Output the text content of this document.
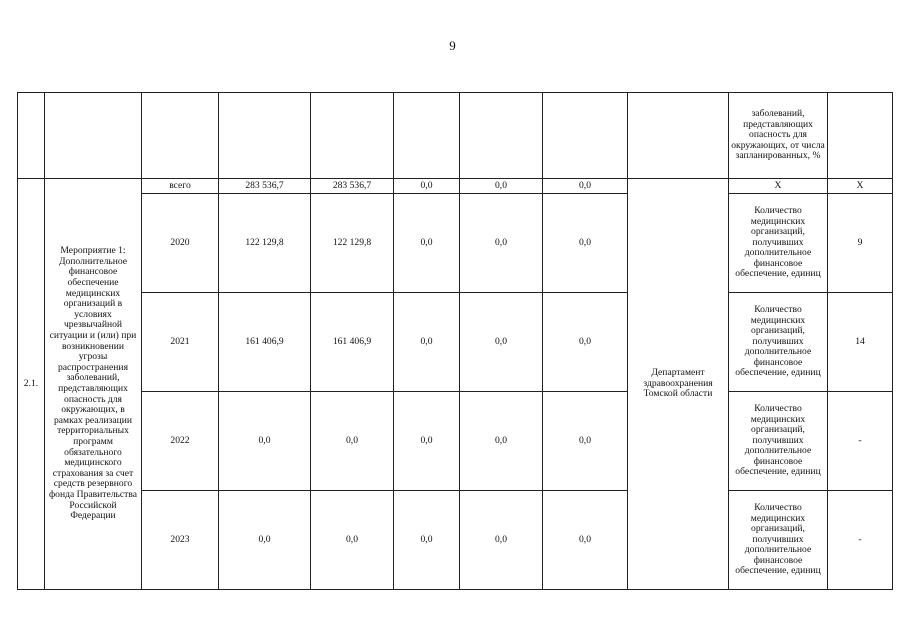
9
									заболеваний, представляющих опасность для окружающих, от числа запланированных, %	
2.1.	Мероприятие 1: Дополнительное финансовое обеспечение медицинских организаций в условиях чрезвычайной ситуации и (или) при возникновении угрозы распространения заболеваний, представляющих опасность для окружающих, в рамках реализации территориальных программ обязательного медицинского страхования за счет средств резервного фонда Правительства Российской Федерации	всего	283 536,7	283 536,7	0,0	0,0	0,0	Департамент здравоохранения Томской области	Х	Х
		2020	122 129,8	122 129,8	0,0	0,0	0,0		Количество медицинских организаций, получивших дополнительное финансовое обеспечение, единиц	9
		2021	161 406,9	161 406,9	0,0	0,0	0,0		Количество медицинских организаций, получивших дополнительное финансовое обеспечение, единиц	14
		2022	0,0	0,0	0,0	0,0	0,0		Количество медицинских организаций, получивших дополнительное финансовое обеспечение, единиц	-
		2023	0,0	0,0	0,0	0,0	0,0		Количество медицинских организаций, получивших дополнительное финансовое обеспечение, единиц	-
